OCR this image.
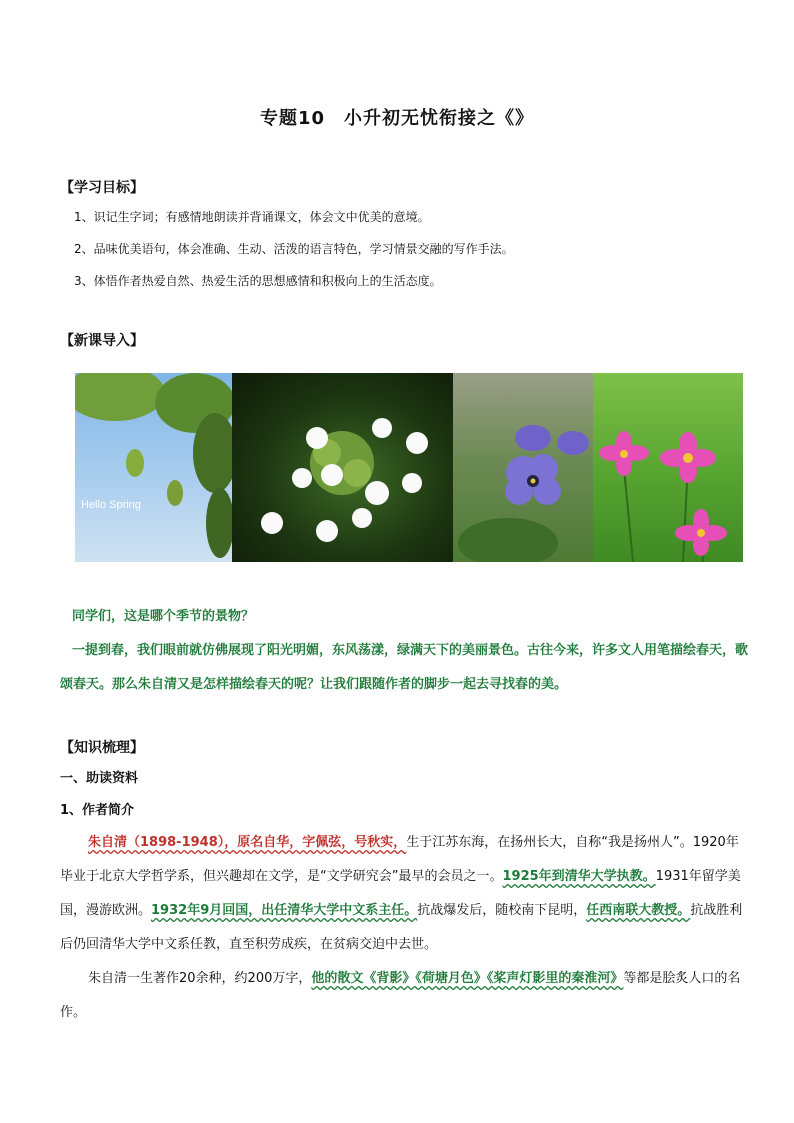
专题10　小升初无忧衔接之《》
【学习目标】
1、识记生字词；有感情地朗读并背诵课文，体会文中优美的意境。
2、品味优美语句，体会准确、生动、活泼的语言特色，学习情景交融的写作手法。
3、体悟作者热爱自然、热爱生活的思想感情和积极向上的生活态度。
【新课导入】
Hello Spring
同学们，这是哪个季节的景物？
一提到春，我们眼前就仿佛展现了阳光明媚，东风荡漾，绿满天下的美丽景色。古往今来，许多文人用笔描绘春天，歌颂春天。那么朱自清又是怎样描绘春天的呢？让我们跟随作者的脚步一起去寻找春的美。
【知识梳理】
一、助读资料
1、作者简介
朱自清（1898-1948），原名自华，字佩弦，号秋实，生于江苏东海，在扬州长大，自称“我是扬州人”。1920年毕业于北京大学哲学系，但兴趣却在文学，是“文学研究会”最早的会员之一。1925年到清华大学执教。1931年留学美国，漫游欧洲。1932年9月回国，出任清华大学中文系主任。抗战爆发后，随校南下昆明，任西南联大教授。抗战胜利后仍回清华大学中文系任教，直至积劳成疾，在贫病交迫中去世。
朱自清一生著作20余种，约200万字，他的散文《背影》《荷塘月色》《桨声灯影里的秦淮河》等都是脍炙人口的名作。
